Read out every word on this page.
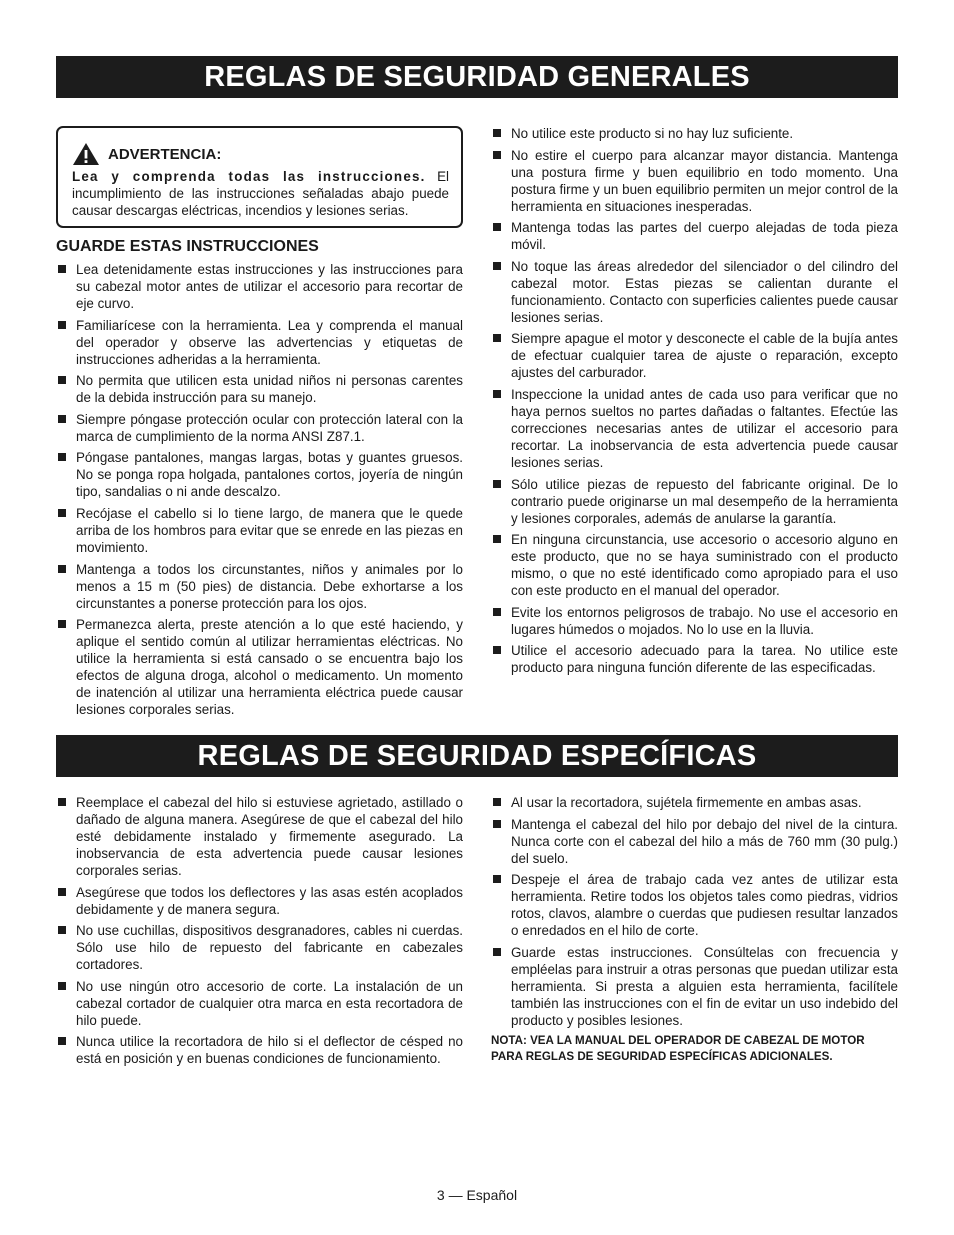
REGLAS DE SEGURIDAD GENERALES
ADVERTENCIA:
Lea y comprenda todas las instrucciones. El incumplimiento de las instrucciones señaladas abajo puede causar descargas eléctricas, incendios y lesiones serias.
GUARDE ESTAS INSTRUCCIONES
Lea detenidamente estas instrucciones y las instrucciones para su cabezal motor antes de utilizar el accesorio para recortar de eje curvo.
Familiarícese con la herramienta. Lea y comprenda el manual del operador y observe las advertencias y etiquetas de instrucciones adheridas a la herramienta.
No permita que utilicen esta unidad niños ni personas carentes de la debida instrucción para su manejo.
Siempre póngase protección ocular con protección lateral con la marca de cumplimiento de la norma ANSI Z87.1.
Póngase pantalones, mangas largas, botas y guantes gruesos. No se ponga ropa holgada, pantalones cortos, joyería de ningún tipo, sandalias o ni ande descalzo.
Recójase el cabello si lo tiene largo, de manera que le quede arriba de los hombros para evitar que se enrede en las piezas en movimiento.
Mantenga a todos los circunstantes, niños y animales por lo menos a 15 m (50 pies) de distancia. Debe exhortarse a los circunstantes a ponerse protección para los ojos.
Permanezca alerta, preste atención a lo que esté haciendo, y aplique el sentido común al utilizar herramientas eléctricas. No utilice la herramienta si está cansado o se encuentra bajo los efectos de alguna droga, alcohol o medicamento. Un momento de inatención al utilizar una herramienta eléctrica puede causar lesiones corporales serias.
No utilice este producto si no hay luz suficiente.
No estire el cuerpo para alcanzar mayor distancia. Mantenga una postura firme y buen equilibrio en todo momento. Una postura firme y un buen equilibrio permiten un mejor control de la herramienta en situaciones inesperadas.
Mantenga todas las partes del cuerpo alejadas de toda pieza móvil.
No toque las áreas alrededor del silenciador o del cilindro del cabezal motor. Estas piezas se calientan durante el funcionamiento. Contacto con superficies calientes puede causar lesiones serias.
Siempre apague el motor y desconecte el cable de la bujía antes de efectuar cualquier tarea de ajuste o reparación, excepto ajustes del carburador.
Inspeccione la unidad antes de cada uso para verificar que no haya pernos sueltos no partes dañadas o faltantes. Efectúe las correcciones necesarias antes de utilizar el accesorio para recortar. La inobservancia de esta advertencia puede causar lesiones serias.
Sólo utilice piezas de repuesto del fabricante original. De lo contrario puede originarse un mal desempeño de la herramienta y lesiones corporales, además de anularse la garantía.
En ninguna circunstancia, use accesorio o accesorio alguno en este producto, que no se haya suministrado con el producto mismo, o que no esté identificado como apropiado para el uso con este producto en el manual del operador.
Evite los entornos peligrosos de trabajo. No use el accesorio en lugares húmedos o mojados. No lo use en la lluvia.
Utilice el accesorio adecuado para la tarea. No utilice este producto para ninguna función diferente de las especificadas.
REGLAS DE SEGURIDAD ESPECÍFICAS
Reemplace el cabezal del hilo si estuviese agrietado, astillado o dañado de alguna manera. Asegúrese de que el cabezal del hilo esté debidamente instalado y firmemente asegurado. La inobservancia de esta advertencia puede causar lesiones corporales serias.
Asegúrese que todos los deflectores y las asas estén acoplados debidamente y de manera segura.
No use cuchillas, dispositivos desgranadores, cables ni cuerdas. Sólo use hilo de repuesto del fabricante en cabezales cortadores.
No use ningún otro accesorio de corte. La instalación de un cabezal cortador de cualquier otra marca en esta recortadora de hilo puede.
Nunca utilice la recortadora de hilo si el deflector de césped no está en posición y en buenas condiciones de funcionamiento.
Al usar la recortadora, sujétela firmemente en ambas asas.
Mantenga el cabezal del hilo por debajo del nivel de la cintura. Nunca corte con el cabezal del hilo a más de 760 mm (30 pulg.) del suelo.
Despeje el área de trabajo cada vez antes de utilizar esta herramienta. Retire todos los objetos tales como piedras, vidrios rotos, clavos, alambre o cuerdas que pudiesen resultar lanzados o enredados en el hilo de corte.
Guarde estas instrucciones. Consúltelas con frecuencia y empléelas para instruir a otras personas que puedan utilizar esta herramienta. Si presta a alguien esta herramienta, facilítele también las instrucciones con el fin de evitar un uso indebido del producto y posibles lesiones.
NOTA: VEA LA MANUAL DEL OPERADOR DE CABEZAL DE MOTOR PARA REGLAS DE SEGURIDAD ESPECÍFICAS ADICIONALES.
3 — Español
